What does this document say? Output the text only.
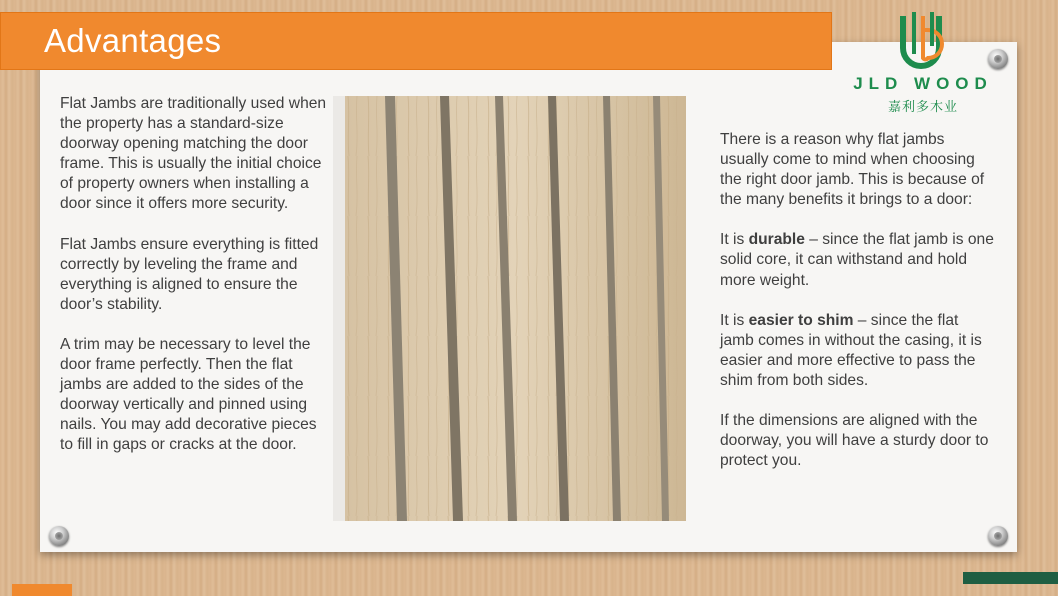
Advantages
JLD WOOD
嘉利多木业

Flat Jambs are traditionally used when the property has a standard-size doorway opening matching the door frame. This is usually the initial choice of property owners when installing a door since it offers more security.

Flat Jambs ensure everything is fitted correctly by leveling the frame and everything is aligned to ensure the door’s stability.

A trim may be necessary to level the door frame perfectly. Then the flat jambs are added to the sides of the doorway vertically and pinned using nails. You may add decorative pieces to fill in gaps or cracks at the door.

There is a reason why flat jambs usually come to mind when choosing the right door jamb. This is because of the many benefits it brings to a door:

It is durable – since the flat jamb is one solid core, it can withstand and hold more weight.

It is easier to shim – since the flat jamb comes in without the casing, it is easier and more effective to pass the shim from both sides.

If the dimensions are aligned with the doorway, you will have a sturdy door to protect you.
